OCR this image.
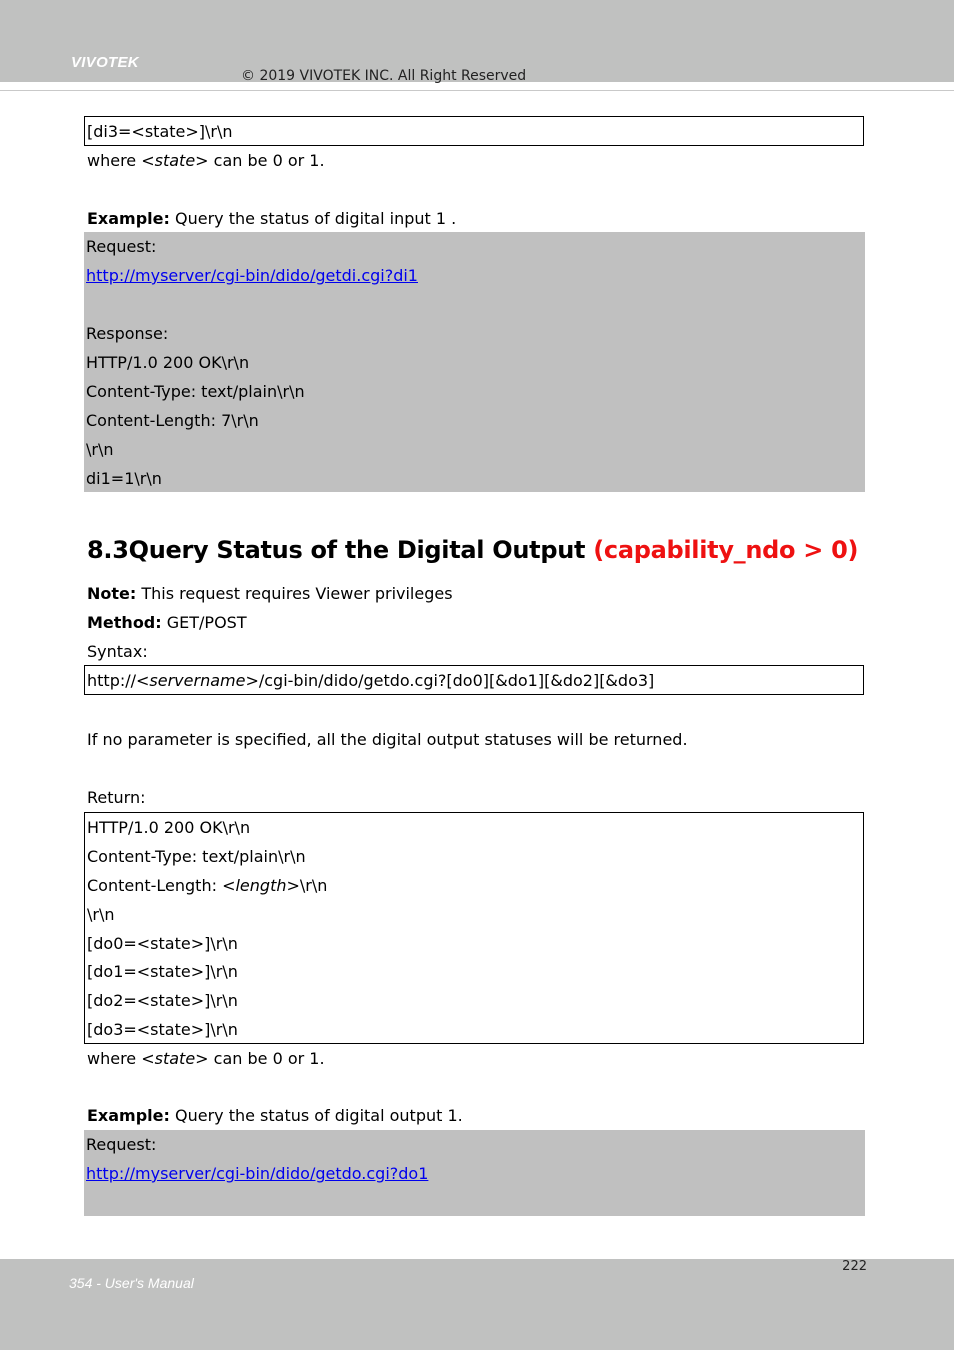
VIVOTEK
© 2019 VIVOTEK INC. All Right Reserved
[di3=<state>]\r\n
where <state> can be 0 or 1.
Example: Query the status of digital input 1 .
Request:
http://myserver/cgi-bin/dido/getdi.cgi?di1
Response:
HTTP/1.0 200 OK\r\n
Content-Type: text/plain\r\n
Content-Length: 7\r\n
\r\n
di1=1\r\n
8.3Query Status of the Digital Output (capability_ndo > 0)
Note: This request requires Viewer privileges
Method: GET/POST
Syntax:
http://<servername>/cgi-bin/dido/getdo.cgi?[do0][&do1][&do2][&do3]
If no parameter is specified, all the digital output statuses will be returned.
Return:
HTTP/1.0 200 OK\r\n
Content-Type: text/plain\r\n
Content-Length: <length>\r\n
\r\n
[do0=<state>]\r\n
[do1=<state>]\r\n
[do2=<state>]\r\n
[do3=<state>]\r\n
where <state> can be 0 or 1.
Example: Query the status of digital output 1.
Request:
http://myserver/cgi-bin/dido/getdo.cgi?do1
222
354 - User's Manual
